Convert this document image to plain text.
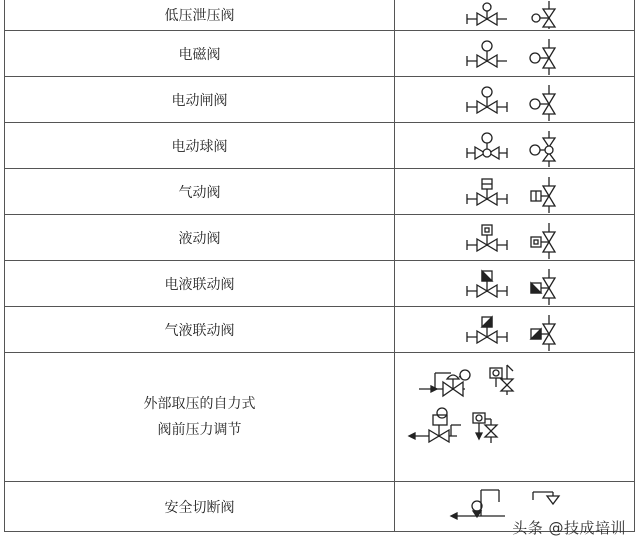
低压泄压阀	

电磁阀	

电动闸阀	

电动球阀	

气动阀	

液动阀	

电液联动阀	

气液联动阀	

外部取压的自力式
阀前压力调节

安全切断阀	
头条 @技成培训
